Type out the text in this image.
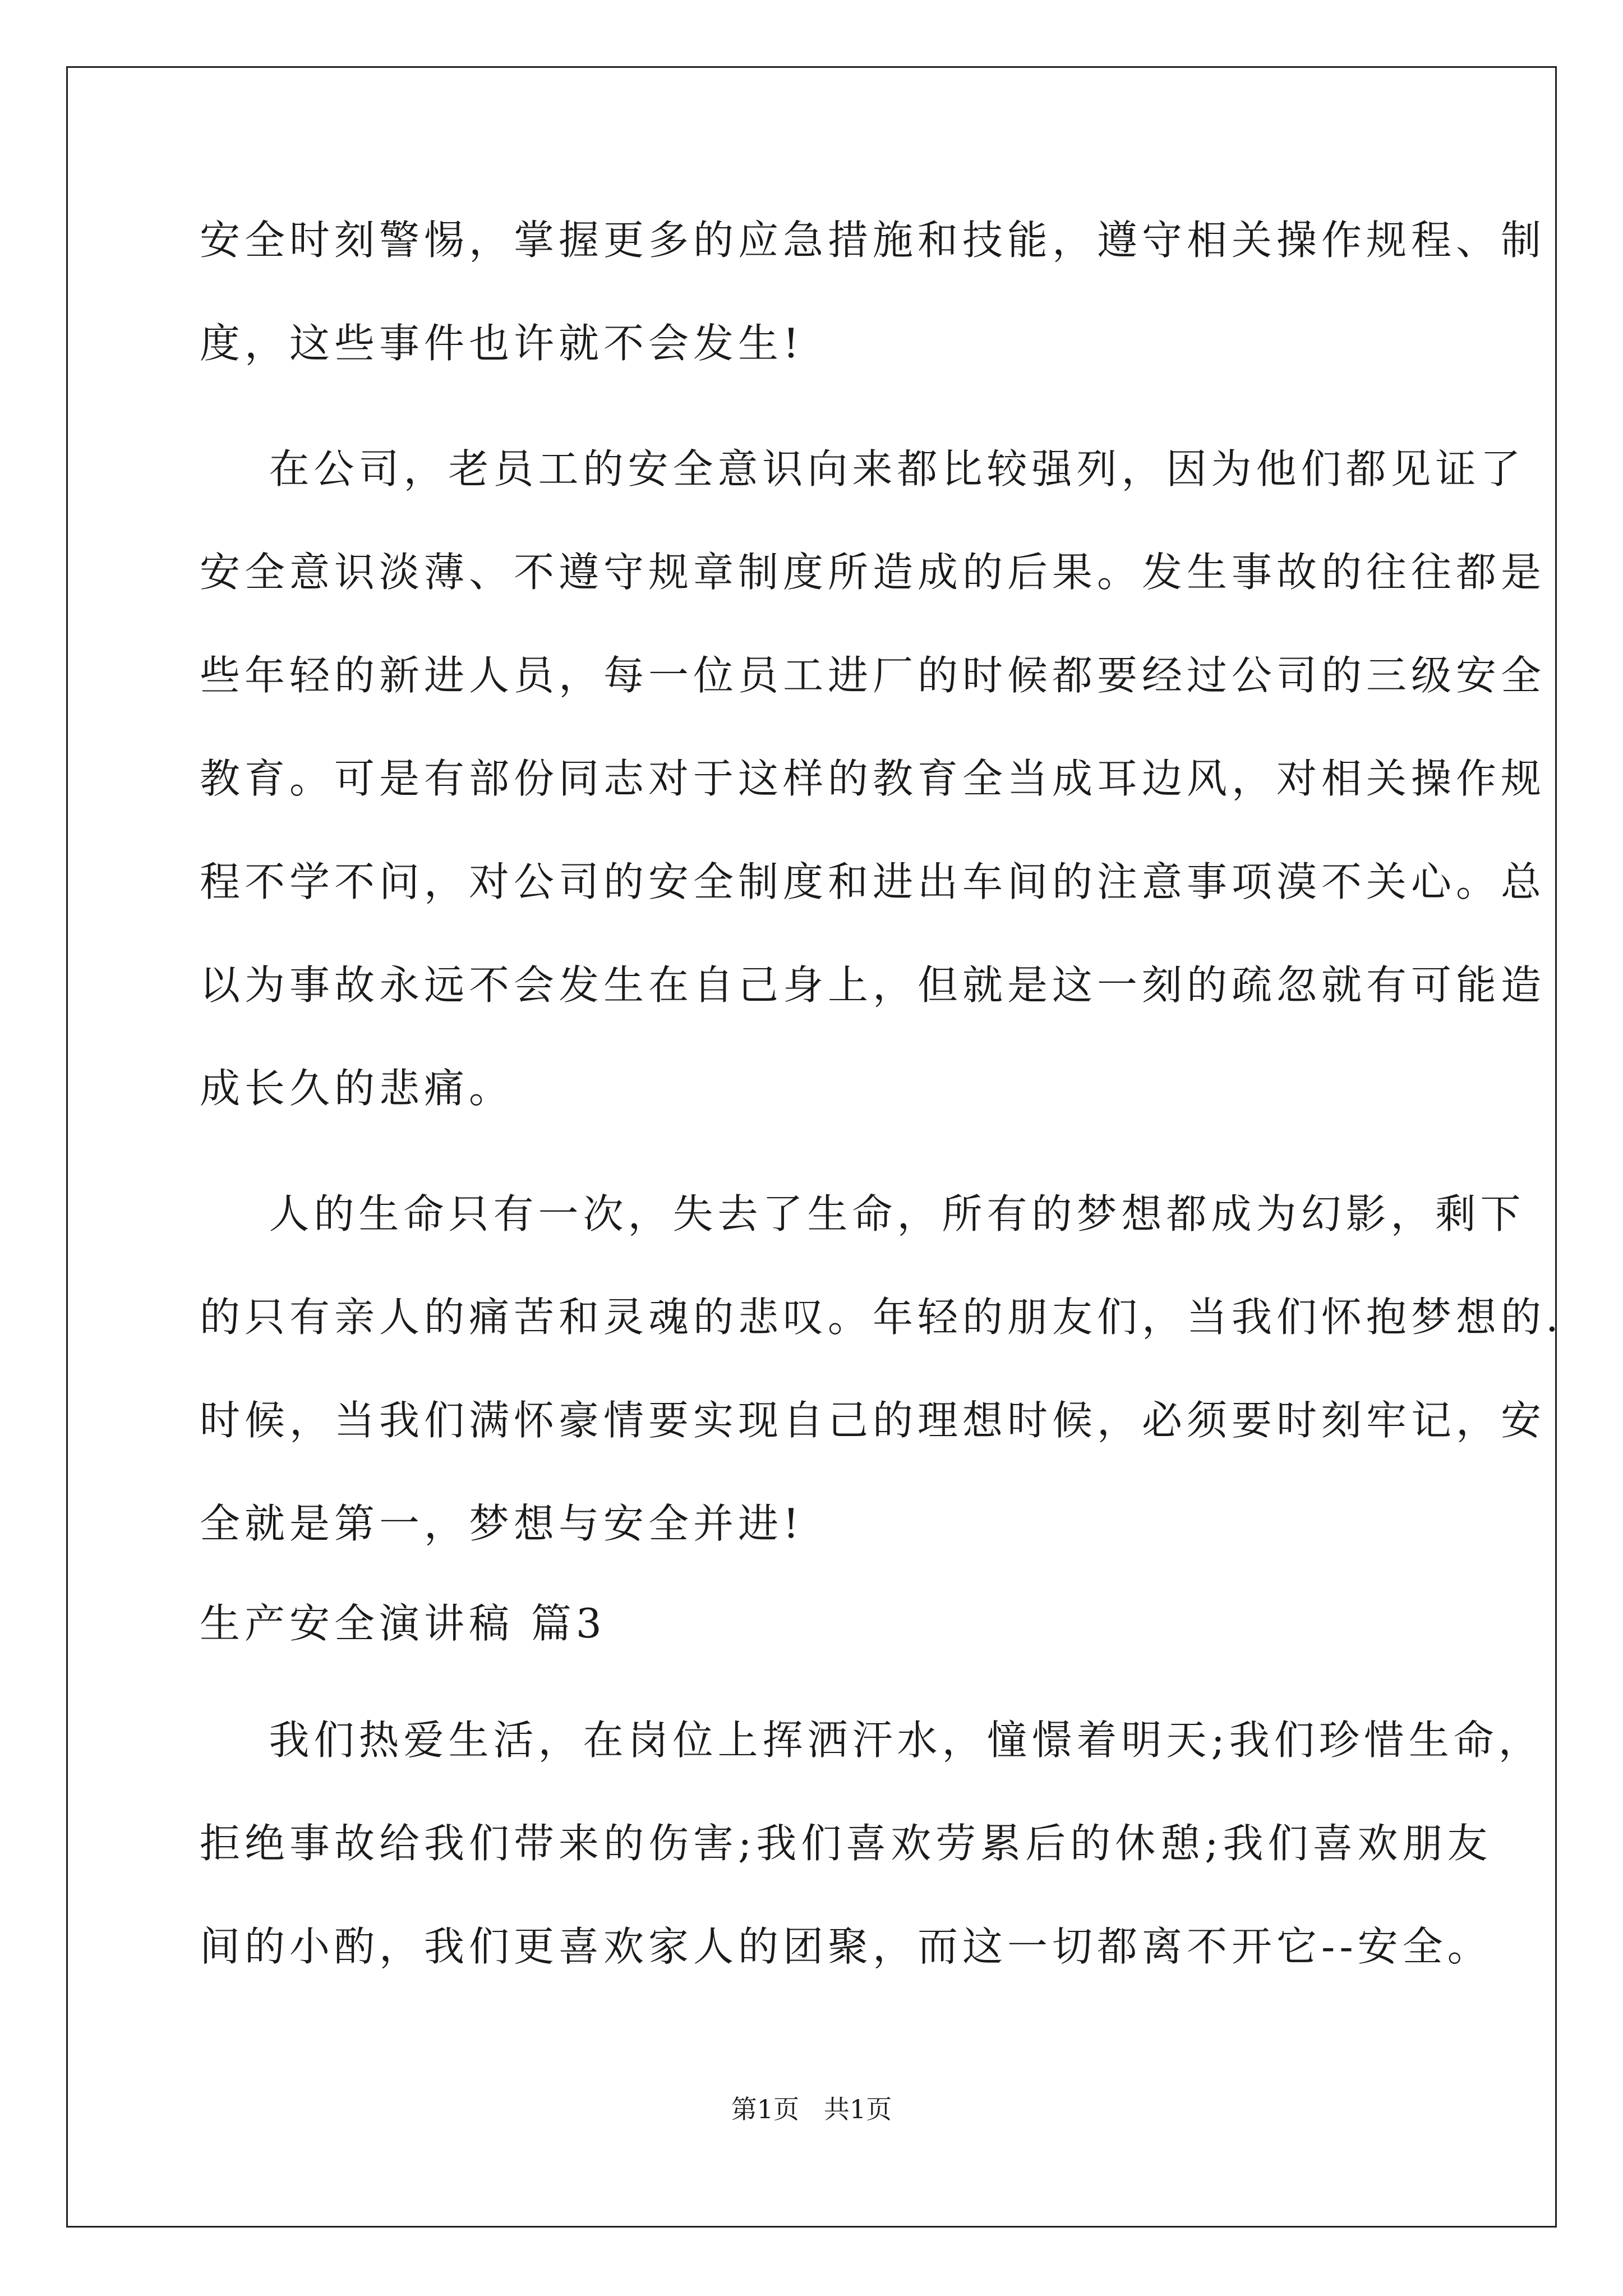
安全时刻警惕，掌握更多的应急措施和技能，遵守相关操作规程、制
度，这些事件也许就不会发生!
在公司，老员工的安全意识向来都比较强列，因为他们都见证了
安全意识淡薄、不遵守规章制度所造成的后果。发生事故的往往都是
些年轻的新进人员，每一位员工进厂的时候都要经过公司的三级安全
教育。可是有部份同志对于这样的教育全当成耳边风，对相关操作规
程不学不问，对公司的安全制度和进出车间的注意事项漠不关心。总
以为事故永远不会发生在自己身上，但就是这一刻的疏忽就有可能造
成长久的悲痛。
人的生命只有一次，失去了生命，所有的梦想都成为幻影，剩下
的只有亲人的痛苦和灵魂的悲叹。年轻的朋友们，当我们怀抱梦想的.
时候，当我们满怀豪情要实现自己的理想时候，必须要时刻牢记，安
全就是第一，梦想与安全并进!
生产安全演讲稿 篇3
我们热爱生活，在岗位上挥洒汗水，憧憬着明天;我们珍惜生命，
拒绝事故给我们带来的伤害;我们喜欢劳累后的休憩;我们喜欢朋友
间的小酌，我们更喜欢家人的团聚，而这一切都离不开它--安全。
第1页   共1页
